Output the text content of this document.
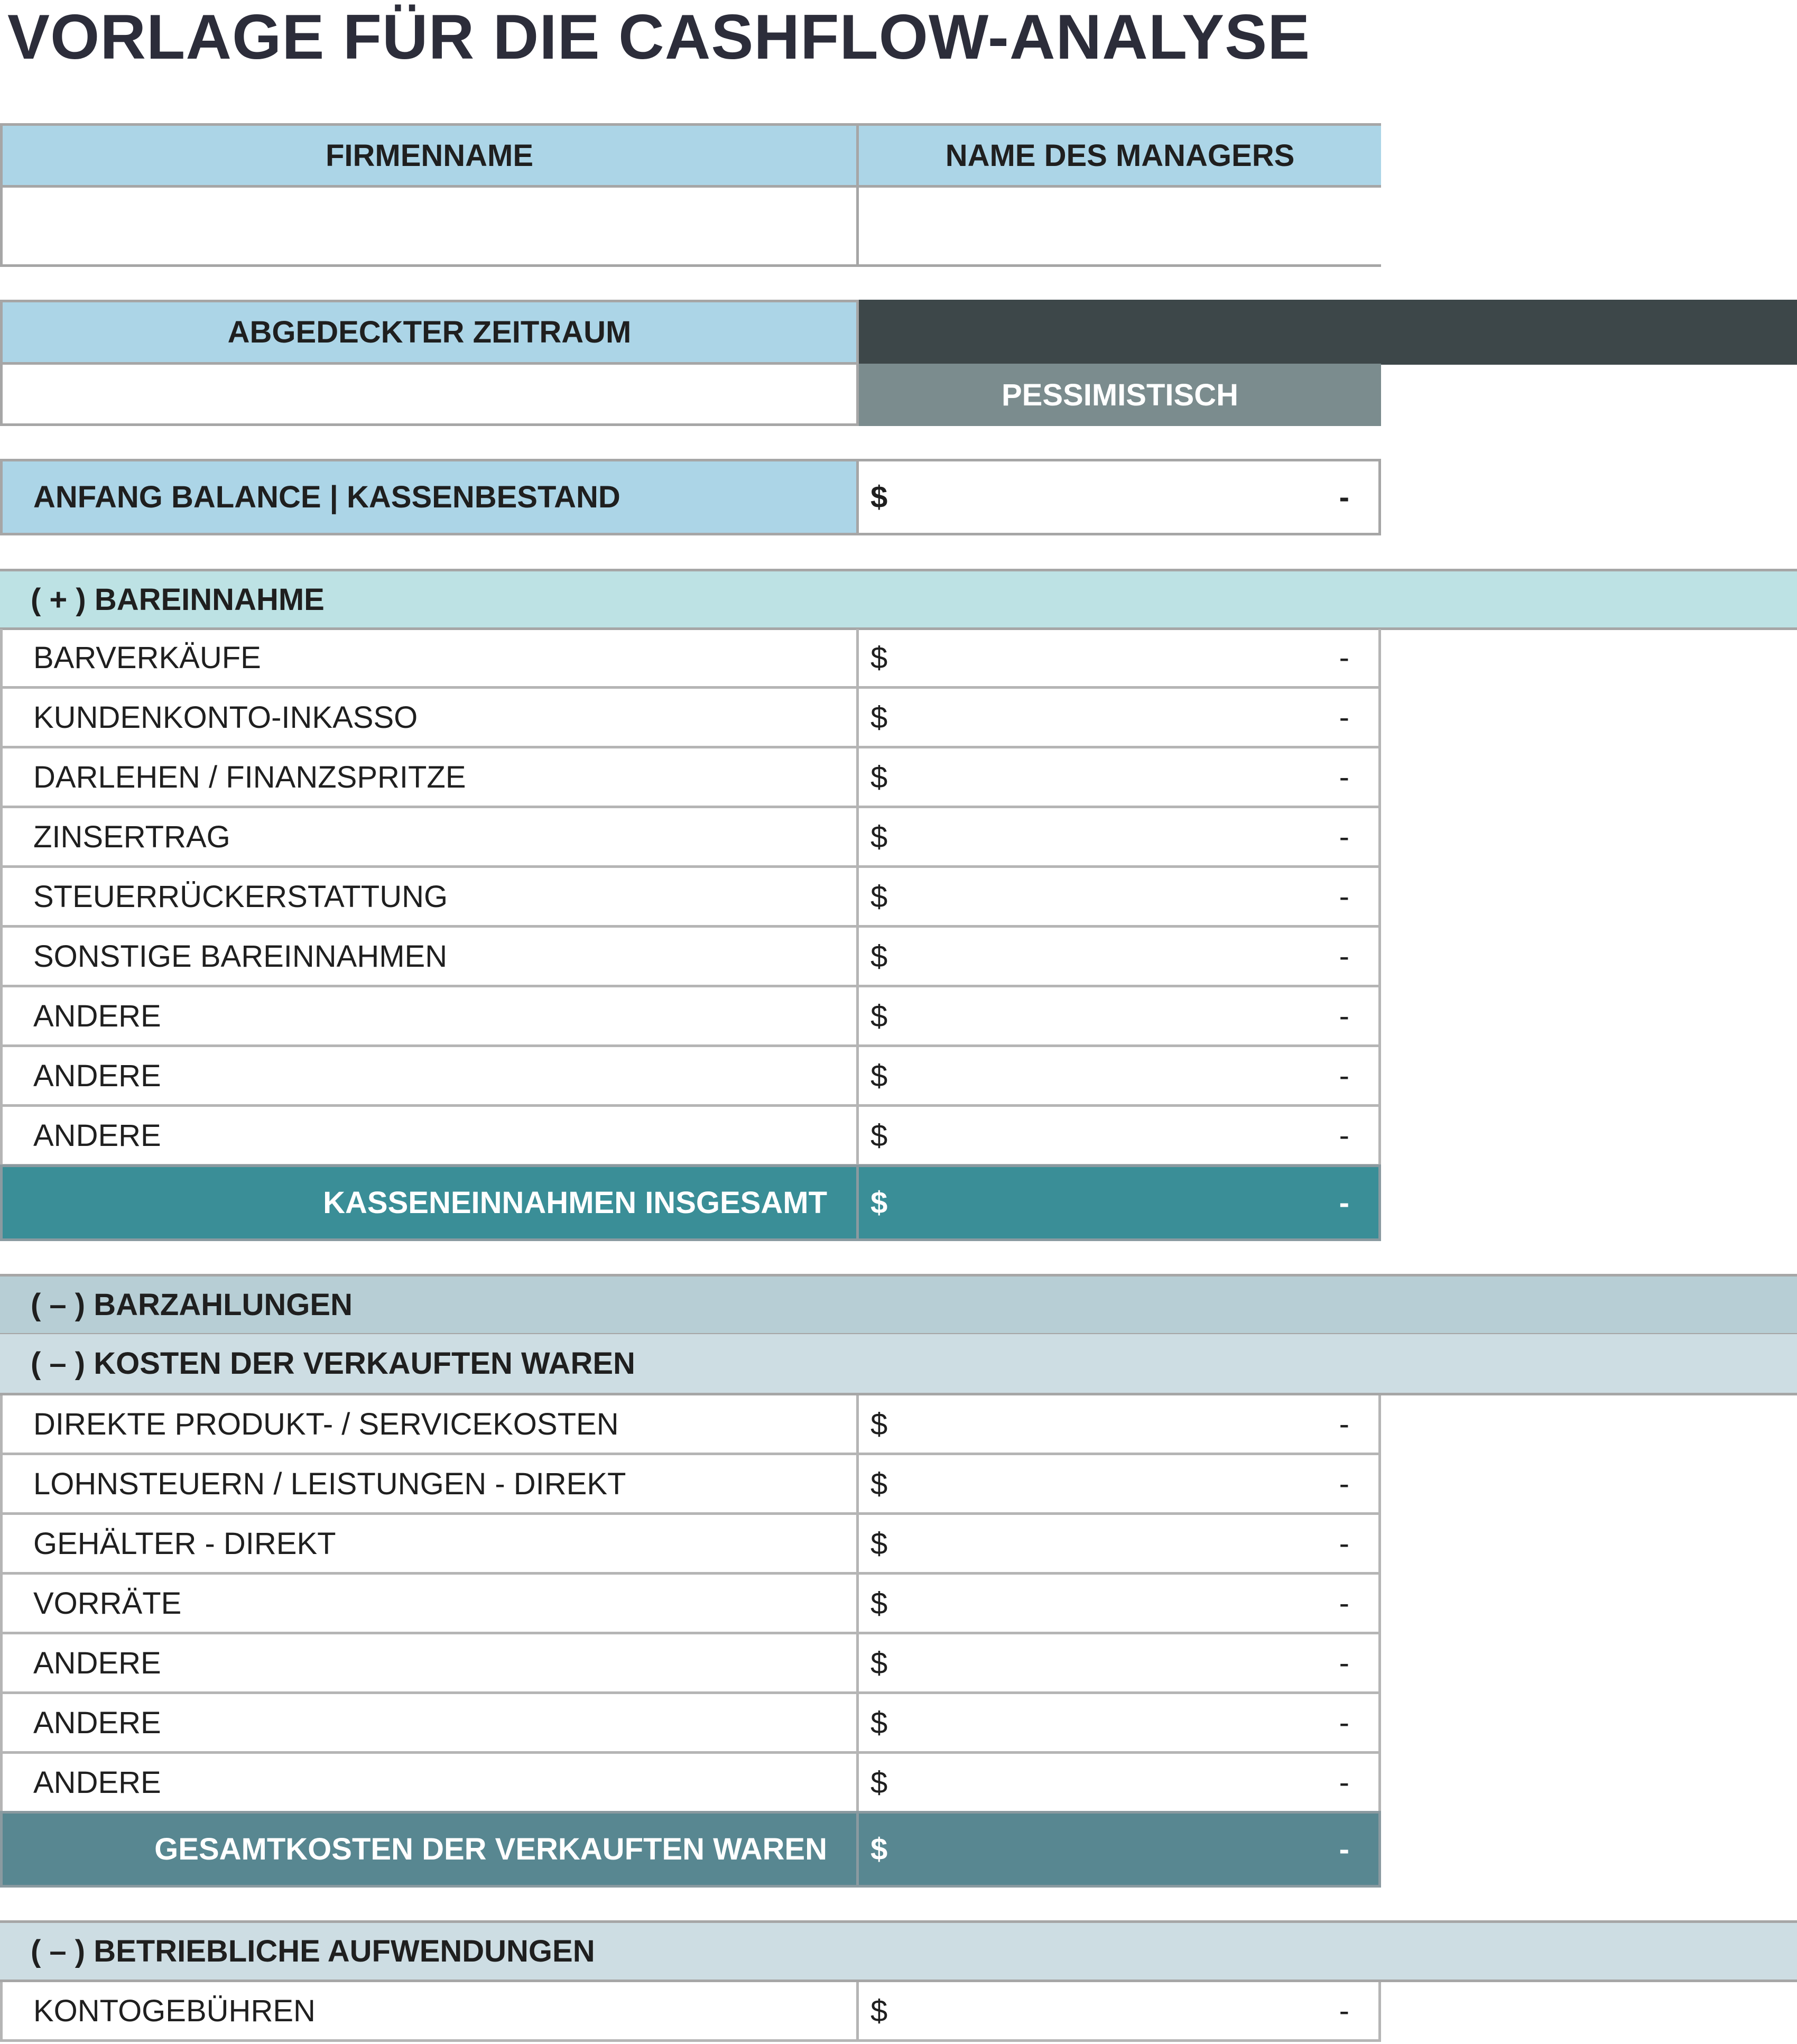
VORLAGE FÜR DIE CASHFLOW-ANALYSE
FIRMENNAME	NAME DES MANAGERS
ABGEDECKTER ZEITRAUM
PESSIMISTISCH
ANFANG BALANCE | KASSENBESTAND	$	-
( + ) BAREINNAHME
BARVERKÄUFE	$	-
KUNDENKONTO-INKASSO	$	-
DARLEHEN / FINANZSPRITZE	$	-
ZINSERTRAG	$	-
STEUERRÜCKERSTATTUNG	$	-
SONSTIGE BAREINNAHMEN	$	-
ANDERE	$	-
ANDERE	$	-
ANDERE	$	-
KASSENEINNAHMEN INSGESAMT	$	-
( – ) BARZAHLUNGEN
( – ) KOSTEN DER VERKAUFTEN WAREN
DIREKTE PRODUKT- / SERVICEKOSTEN	$	-
LOHNSTEUERN / LEISTUNGEN - DIREKT	$	-
GEHÄLTER - DIREKT	$	-
VORRÄTE	$	-
ANDERE	$	-
ANDERE	$	-
ANDERE	$	-
GESAMTKOSTEN DER VERKAUFTEN WAREN	$	-
( – ) BETRIEBLICHE AUFWENDUNGEN
KONTOGEBÜHREN	$	-
